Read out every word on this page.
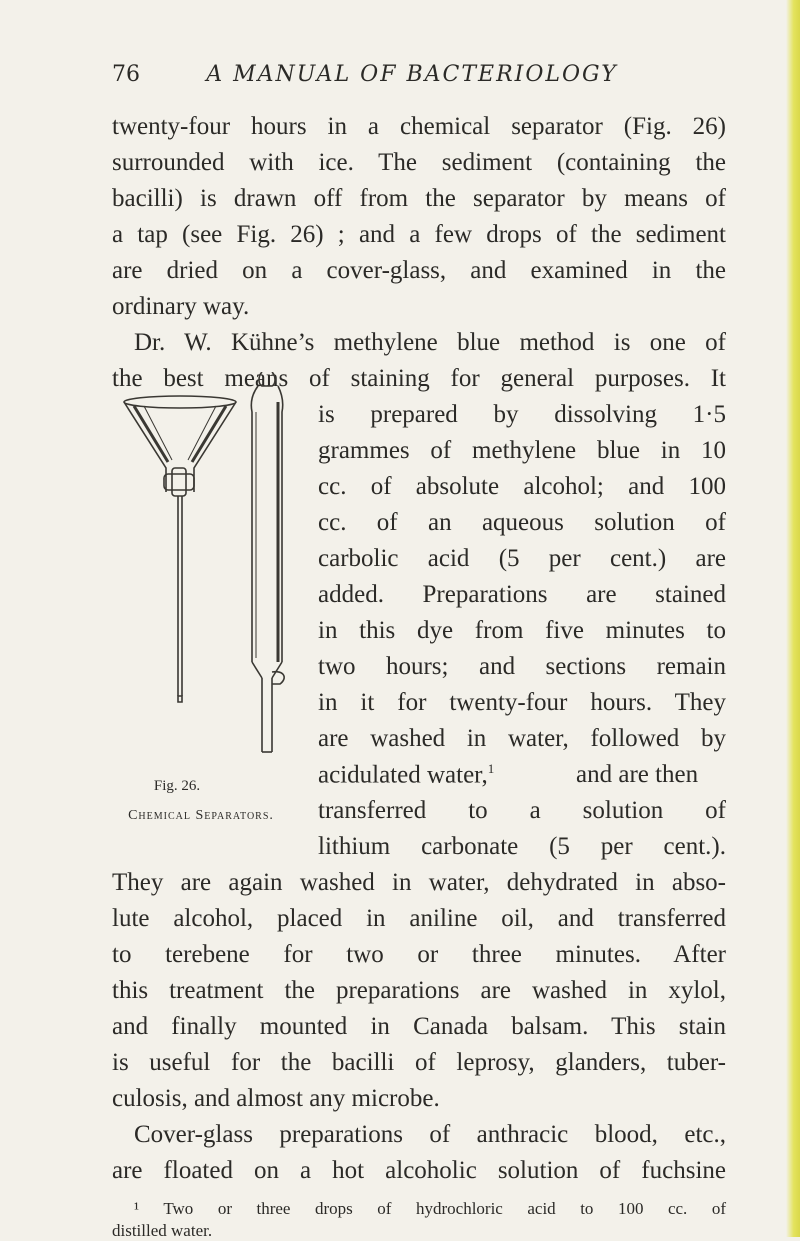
76	A MANUAL OF BACTERIOLOGY
twenty-four hours in a chemical separator (Fig. 26)
surrounded with ice. The sediment (containing the
bacilli) is drawn off from the separator by means of
a tap (see Fig. 26) ; and a few drops of the sediment
are dried on a cover-glass, and examined in the
ordinary way.
Dr. W. Kühne’s methylene blue method is one of
the best means of staining for general purposes. It
is prepared by dissolving 1·5
grammes of methylene blue in 10
cc. of absolute alcohol; and 100
cc. of an aqueous solution of
carbolic acid (5 per cent.) are
added. Preparations are stained
in this dye from five minutes to
two hours; and sections remain
in it for twenty-four hours. They
are washed in water, followed by
acidulated water,$^1$	and are then
transferred to a solution of
lithium carbonate (5 per cent.).
They are again washed in water, dehydrated in abso-
lute alcohol, placed in aniline oil, and transferred
to terebene for two or three minutes. After
this treatment the preparations are washed in xylol,
and finally mounted in Canada balsam. This stain
is useful for the bacilli of leprosy, glanders, tuber-
culosis, and almost any microbe.
Cover-glass preparations of anthracic blood, etc.,
are floated on a hot alcoholic solution of fuchsine
¹ Two or three drops of hydrochloric acid to 100 cc. of
distilled water.
Fig. 26.
Chemical Separators.
